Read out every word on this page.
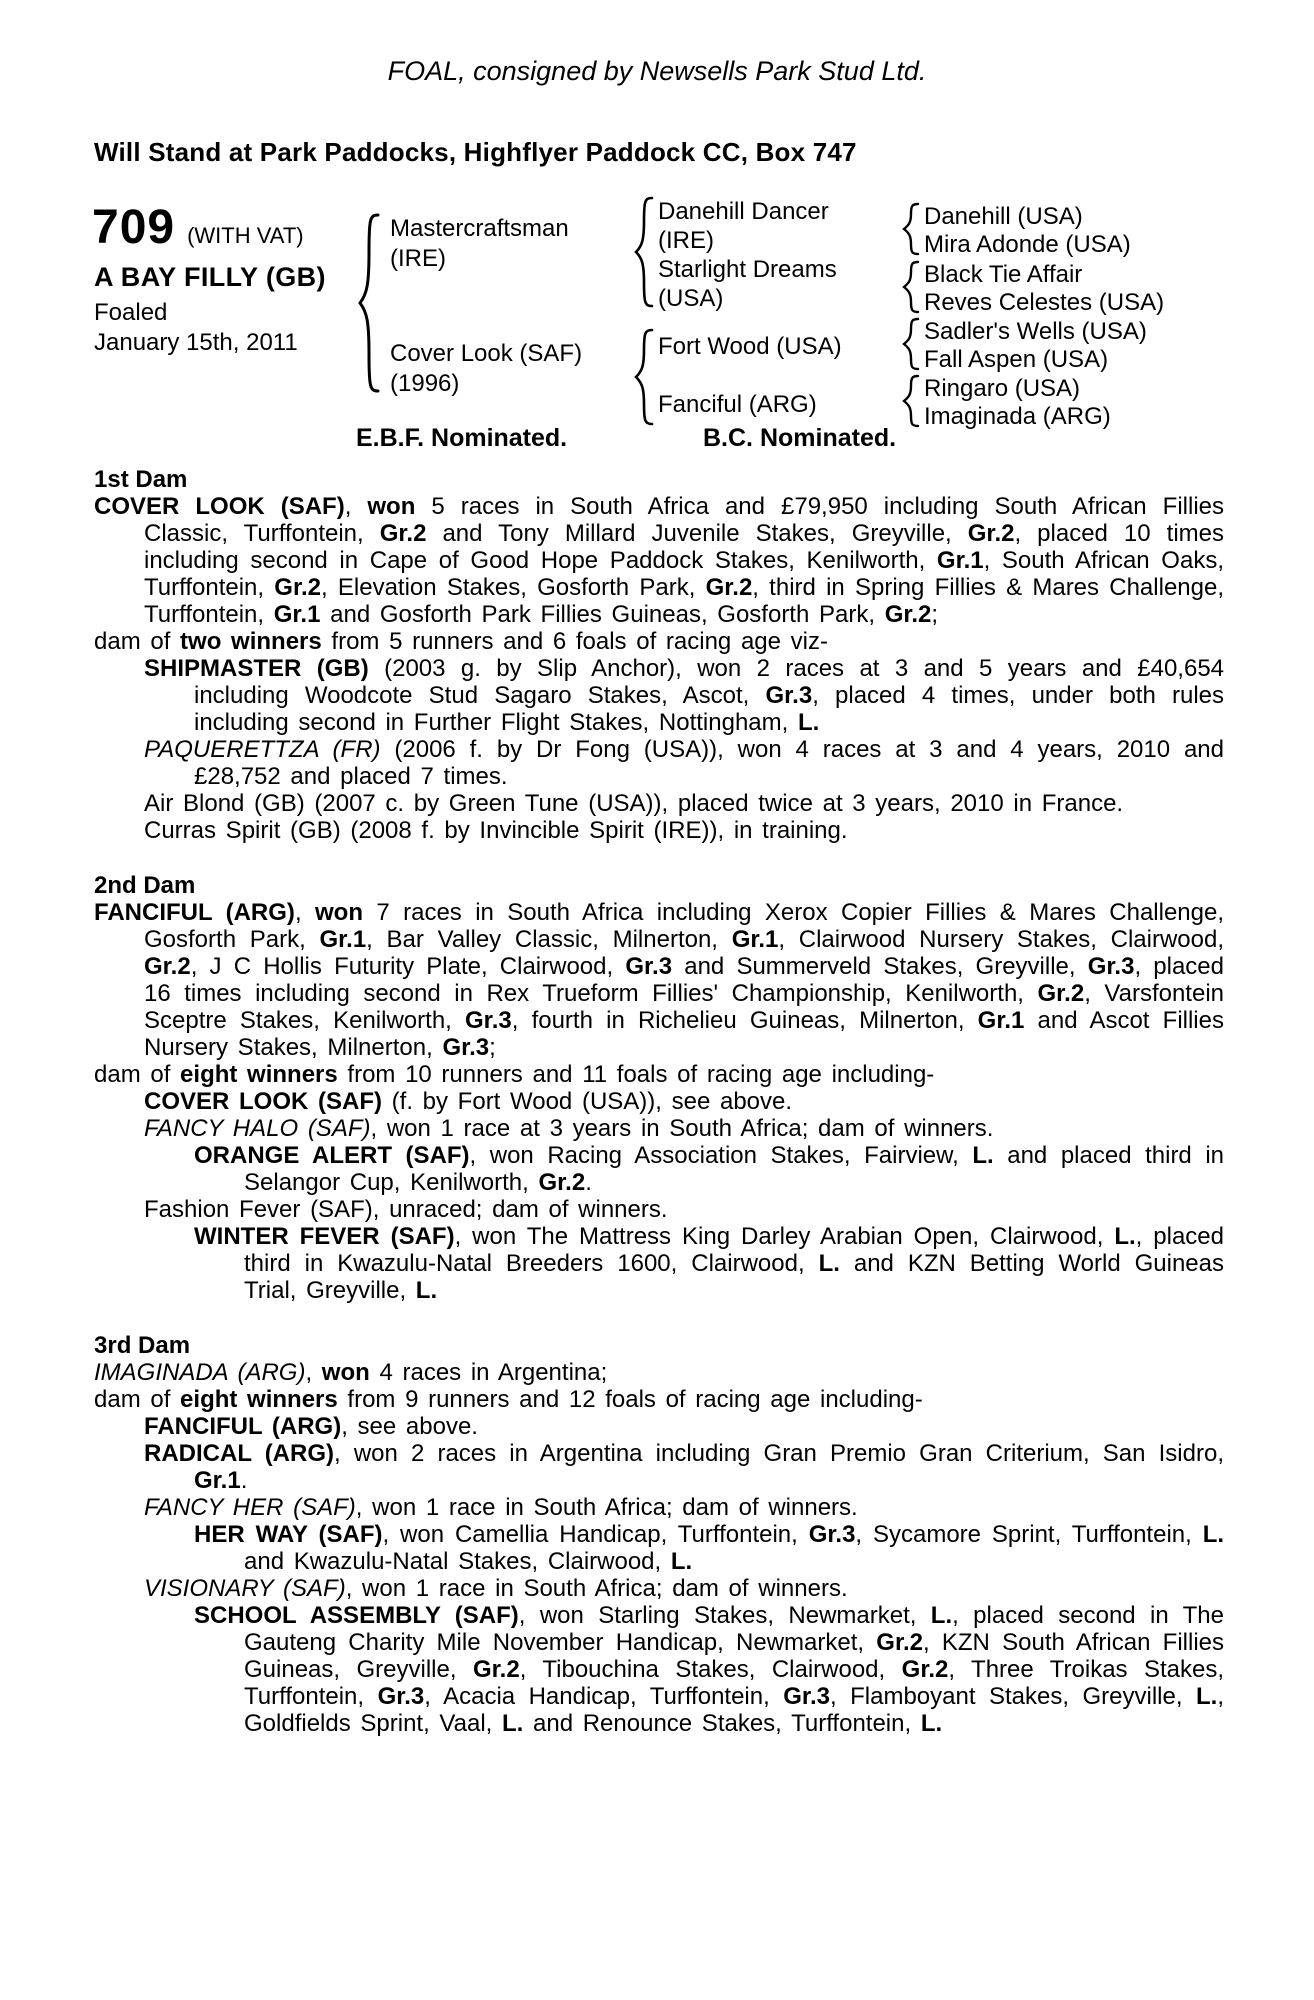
FOAL, consigned by Newsells Park Stud Ltd.
Will Stand at Park Paddocks, Highflyer Paddock CC, Box 747
709 (WITH VAT)
A BAY FILLY (GB)
Foaled
January 15th, 2011
Mastercraftsman
(IRE)
Cover Look (SAF)
(1996)
Danehill Dancer
(IRE)
Starlight Dreams
(USA)
Fort Wood (USA)
Fanciful (ARG)
Danehill (USA)
Mira Adonde (USA)
Black Tie Affair
Reves Celestes (USA)
Sadler's Wells (USA)
Fall Aspen (USA)
Ringaro (USA)
Imaginada (ARG)
E.B.F. Nominated.	B.C. Nominated.
1st Dam
COVER LOOK (SAF), won 5 races in South Africa and £79,950 including South African Fillies Classic, Turffontein, Gr.2 and Tony Millard Juvenile Stakes, Greyville, Gr.2, placed 10 times including second in Cape of Good Hope Paddock Stakes, Kenilworth, Gr.1, South African Oaks, Turffontein, Gr.2, Elevation Stakes, Gosforth Park, Gr.2, third in Spring Fillies & Mares Challenge, Turffontein, Gr.1 and Gosforth Park Fillies Guineas, Gosforth Park, Gr.2;
dam of two winners from 5 runners and 6 foals of racing age viz-
SHIPMASTER (GB) (2003 g. by Slip Anchor), won 2 races at 3 and 5 years and £40,654 including Woodcote Stud Sagaro Stakes, Ascot, Gr.3, placed 4 times, under both rules including second in Further Flight Stakes, Nottingham, L.
PAQUERETTZA (FR) (2006 f. by Dr Fong (USA)), won 4 races at 3 and 4 years, 2010 and £28,752 and placed 7 times.
Air Blond (GB) (2007 c. by Green Tune (USA)), placed twice at 3 years, 2010 in France.
Curras Spirit (GB) (2008 f. by Invincible Spirit (IRE)), in training.
2nd Dam
FANCIFUL (ARG), won 7 races in South Africa including Xerox Copier Fillies & Mares Challenge, Gosforth Park, Gr.1, Bar Valley Classic, Milnerton, Gr.1, Clairwood Nursery Stakes, Clairwood, Gr.2, J C Hollis Futurity Plate, Clairwood, Gr.3 and Summerveld Stakes, Greyville, Gr.3, placed 16 times including second in Rex Trueform Fillies' Championship, Kenilworth, Gr.2, Varsfontein Sceptre Stakes, Kenilworth, Gr.3, fourth in Richelieu Guineas, Milnerton, Gr.1 and Ascot Fillies Nursery Stakes, Milnerton, Gr.3;
dam of eight winners from 10 runners and 11 foals of racing age including-
COVER LOOK (SAF) (f. by Fort Wood (USA)), see above.
FANCY HALO (SAF), won 1 race at 3 years in South Africa; dam of winners.
ORANGE ALERT (SAF), won Racing Association Stakes, Fairview, L. and placed third in Selangor Cup, Kenilworth, Gr.2.
Fashion Fever (SAF), unraced; dam of winners.
WINTER FEVER (SAF), won The Mattress King Darley Arabian Open, Clairwood, L., placed third in Kwazulu-Natal Breeders 1600, Clairwood, L. and KZN Betting World Guineas Trial, Greyville, L.
3rd Dam
IMAGINADA (ARG), won 4 races in Argentina;
dam of eight winners from 9 runners and 12 foals of racing age including-
FANCIFUL (ARG), see above.
RADICAL (ARG), won 2 races in Argentina including Gran Premio Gran Criterium, San Isidro, Gr.1.
FANCY HER (SAF), won 1 race in South Africa; dam of winners.
HER WAY (SAF), won Camellia Handicap, Turffontein, Gr.3, Sycamore Sprint, Turffontein, L. and Kwazulu-Natal Stakes, Clairwood, L.
VISIONARY (SAF), won 1 race in South Africa; dam of winners.
SCHOOL ASSEMBLY (SAF), won Starling Stakes, Newmarket, L., placed second in The Gauteng Charity Mile November Handicap, Newmarket, Gr.2, KZN South African Fillies Guineas, Greyville, Gr.2, Tibouchina Stakes, Clairwood, Gr.2, Three Troikas Stakes, Turffontein, Gr.3, Acacia Handicap, Turffontein, Gr.3, Flamboyant Stakes, Greyville, L., Goldfields Sprint, Vaal, L. and Renounce Stakes, Turffontein, L.
